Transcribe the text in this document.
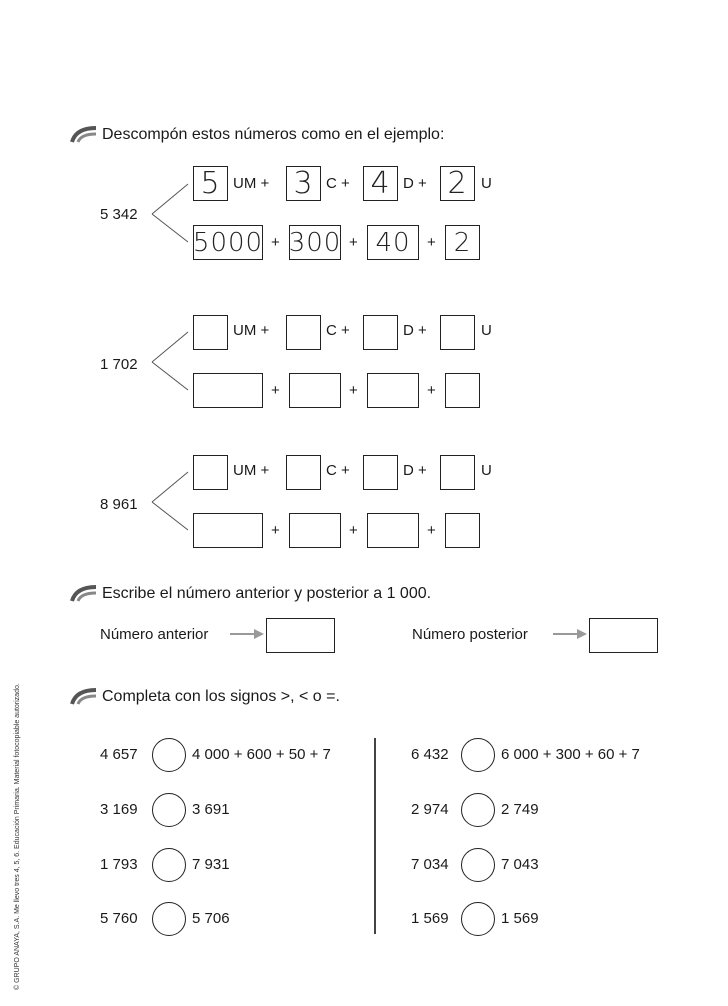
Descompón estos números como en el ejemplo:
5 342
5 UM + 3 C + 4 D + 2 U
5000 + 300 + 40	+ 2
1 702
UM +	C +	D +	U
+	+	+
8 961
UM +	C +	D +	U
+	+	+
Escribe el número anterior y posterior a 1 000.
Número anterior	Número posterior
Completa con los signos >, < o =.
4 657	4 000 + 600 + 50 + 7
3 169	3 691
1 793	7 931
5 760	5 706
6 432	6 000 + 300 + 60 + 7
2 974	2 749
7 034	7 043
1 569	1 569
© GRUPO ANAYA, S.A. Me llevo tres 4, 5, 6. Educación Primaria. Material fotocopiable autorizado.
